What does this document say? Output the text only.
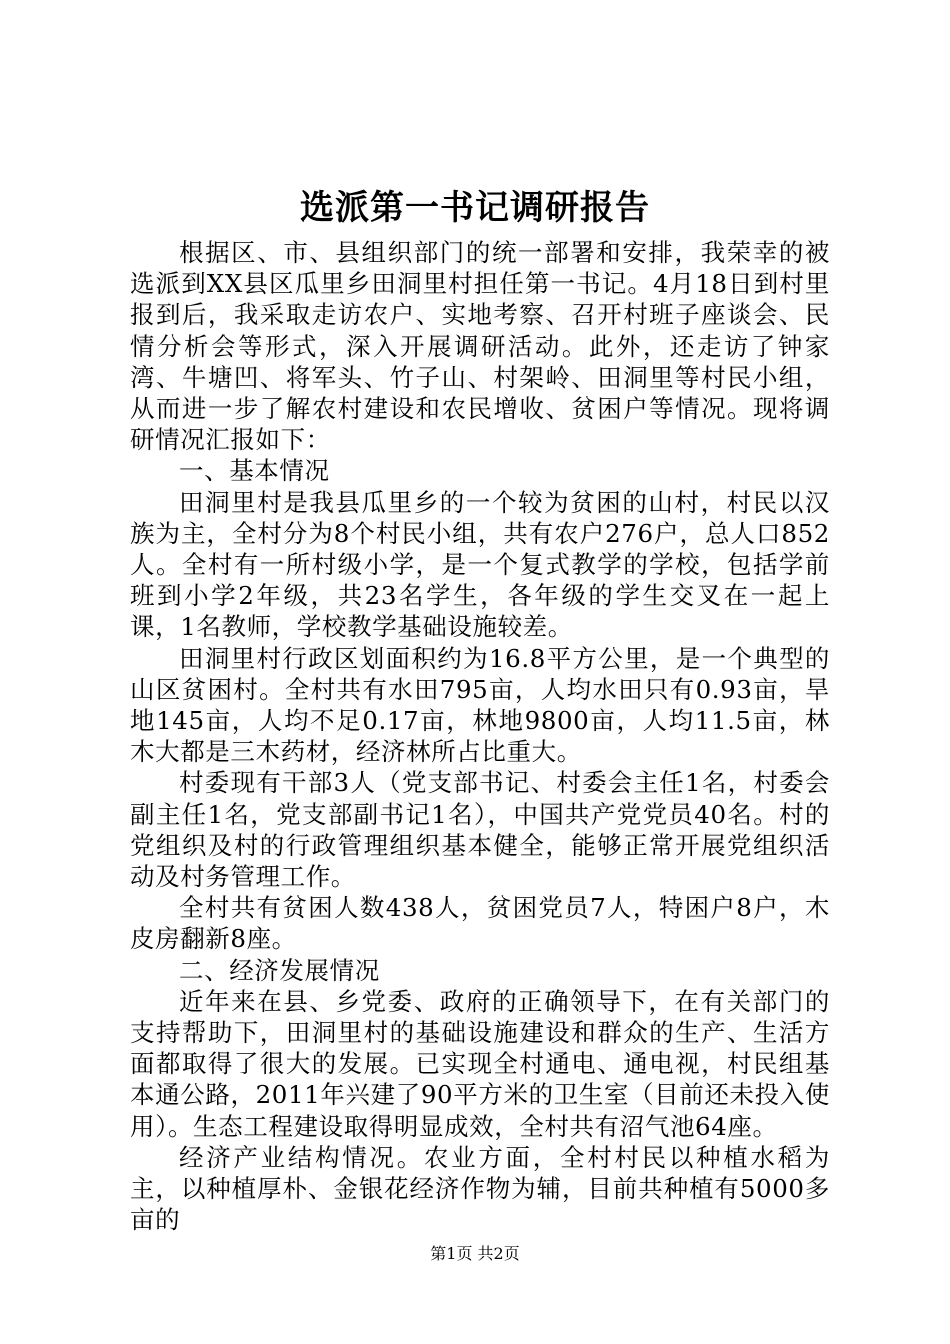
选派第一书记调研报告

根据区、市、县组织部门的统一部署和安排，我荣幸的被选派到XX县区瓜里乡田洞里村担任第一书记。4月18日到村里报到后，我采取走访农户、实地考察、召开村班子座谈会、民情分析会等形式，深入开展调研活动。此外，还走访了钟家湾、牛塘凹、将军头、竹子山、村架岭、田洞里等村民小组，从而进一步了解农村建设和农民增收、贫困户等情况。现将调研情况汇报如下：

一、基本情况

田洞里村是我县瓜里乡的一个较为贫困的山村，村民以汉族为主，全村分为8个村民小组，共有农户276户，总人口852人。全村有一所村级小学，是一个复式教学的学校，包括学前班到小学2年级，共23名学生，各年级的学生交叉在一起上课，1名教师，学校教学基础设施较差。

田洞里村行政区划面积约为16.8平方公里，是一个典型的山区贫困村。全村共有水田795亩，人均水田只有0.93亩，旱地145亩，人均不足0.17亩，林地9800亩，人均11.5亩，林木大都是三木药材，经济林所占比重大。

村委现有干部3人（党支部书记、村委会主任1名，村委会副主任1名，党支部副书记1名），中国共产党党员40名。村的党组织及村的行政管理组织基本健全，能够正常开展党组织活动及村务管理工作。

全村共有贫困人数438人，贫困党员7人，特困户8户，木皮房翻新8座。

二、经济发展情况

近年来在县、乡党委、政府的正确领导下，在有关部门的支持帮助下，田洞里村的基础设施建设和群众的生产、生活方面都取得了很大的发展。已实现全村通电、通电视，村民组基本通公路，2011年兴建了90平方米的卫生室（目前还未投入使用）。生态工程建设取得明显成效，全村共有沼气池64座。

经济产业结构情况。农业方面，全村村民以种植水稻为主，以种植厚朴、金银花经济作物为辅，目前共种植有5000多亩的

第1页 共2页
